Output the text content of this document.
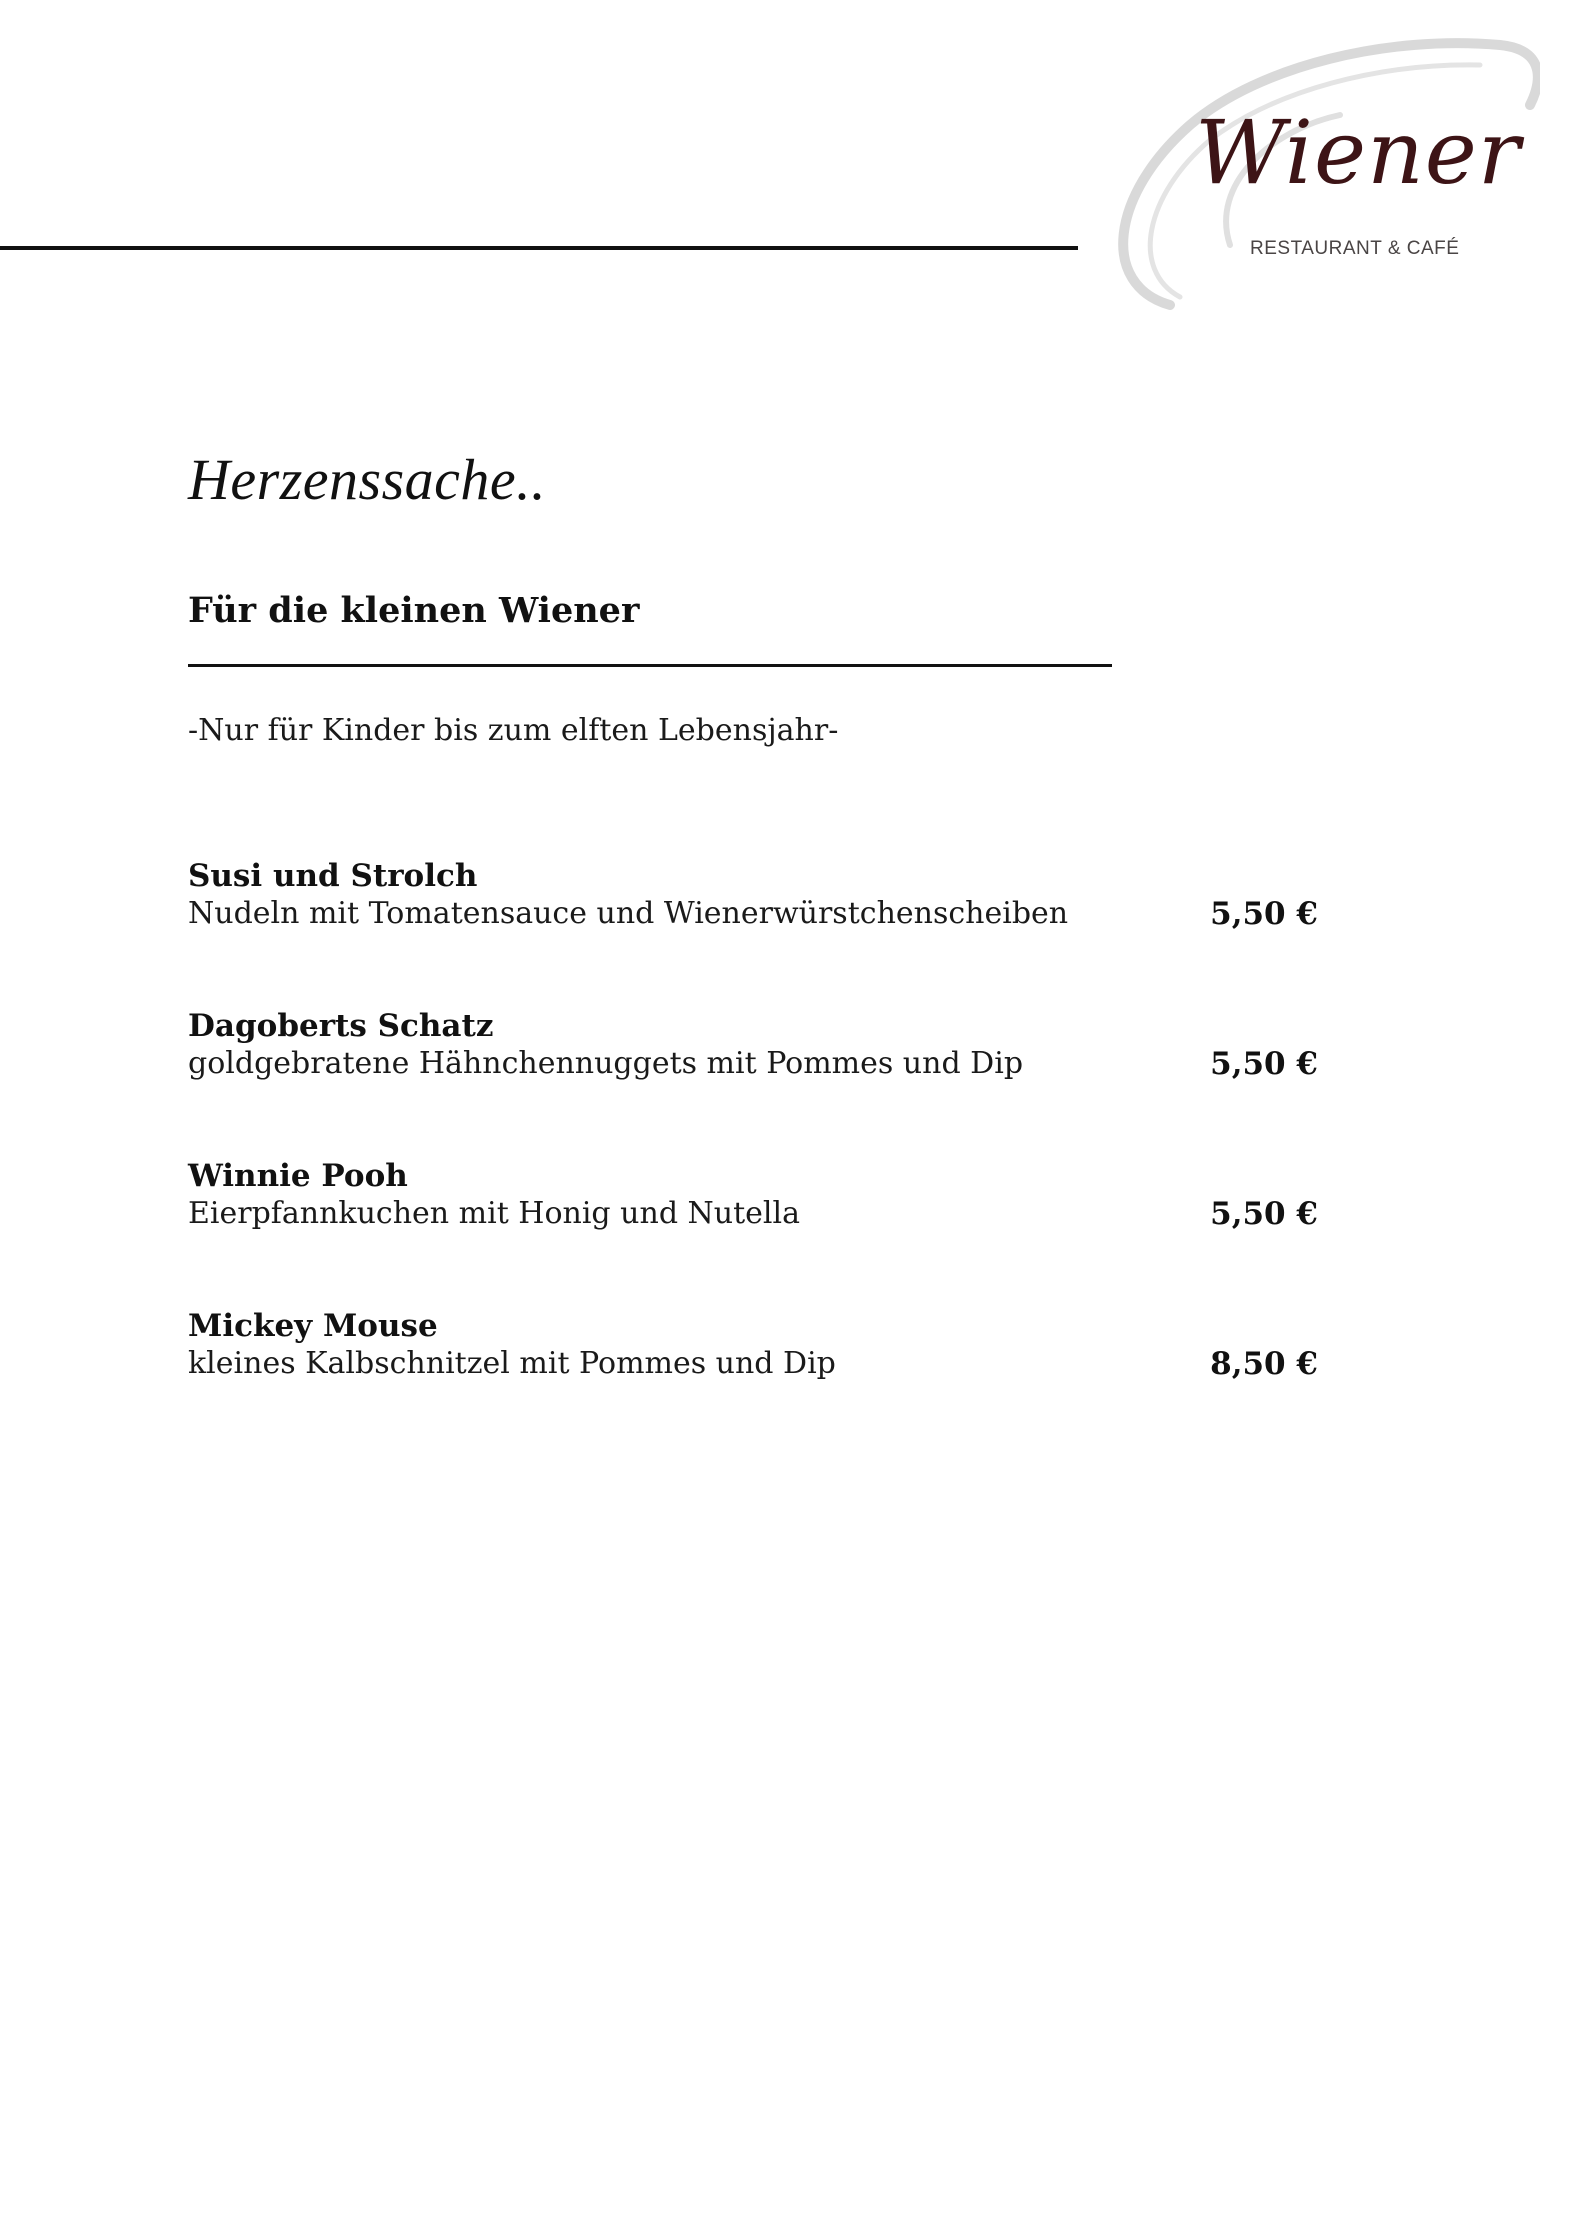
Wiener
RESTAURANT & CAFÉ
Herzenssache..
Für die kleinen Wiener
-Nur für Kinder bis zum elften Lebensjahr-
Susi und Strolch
Nudeln mit Tomatensauce und Wienerwürstchenscheiben	5,50 €
Dagoberts Schatz
goldgebratene Hähnchennuggets mit Pommes und Dip	5,50 €
Winnie Pooh
Eierpfannkuchen mit Honig und Nutella	5,50 €
Mickey Mouse
kleines Kalbschnitzel mit Pommes und Dip	8,50 €
